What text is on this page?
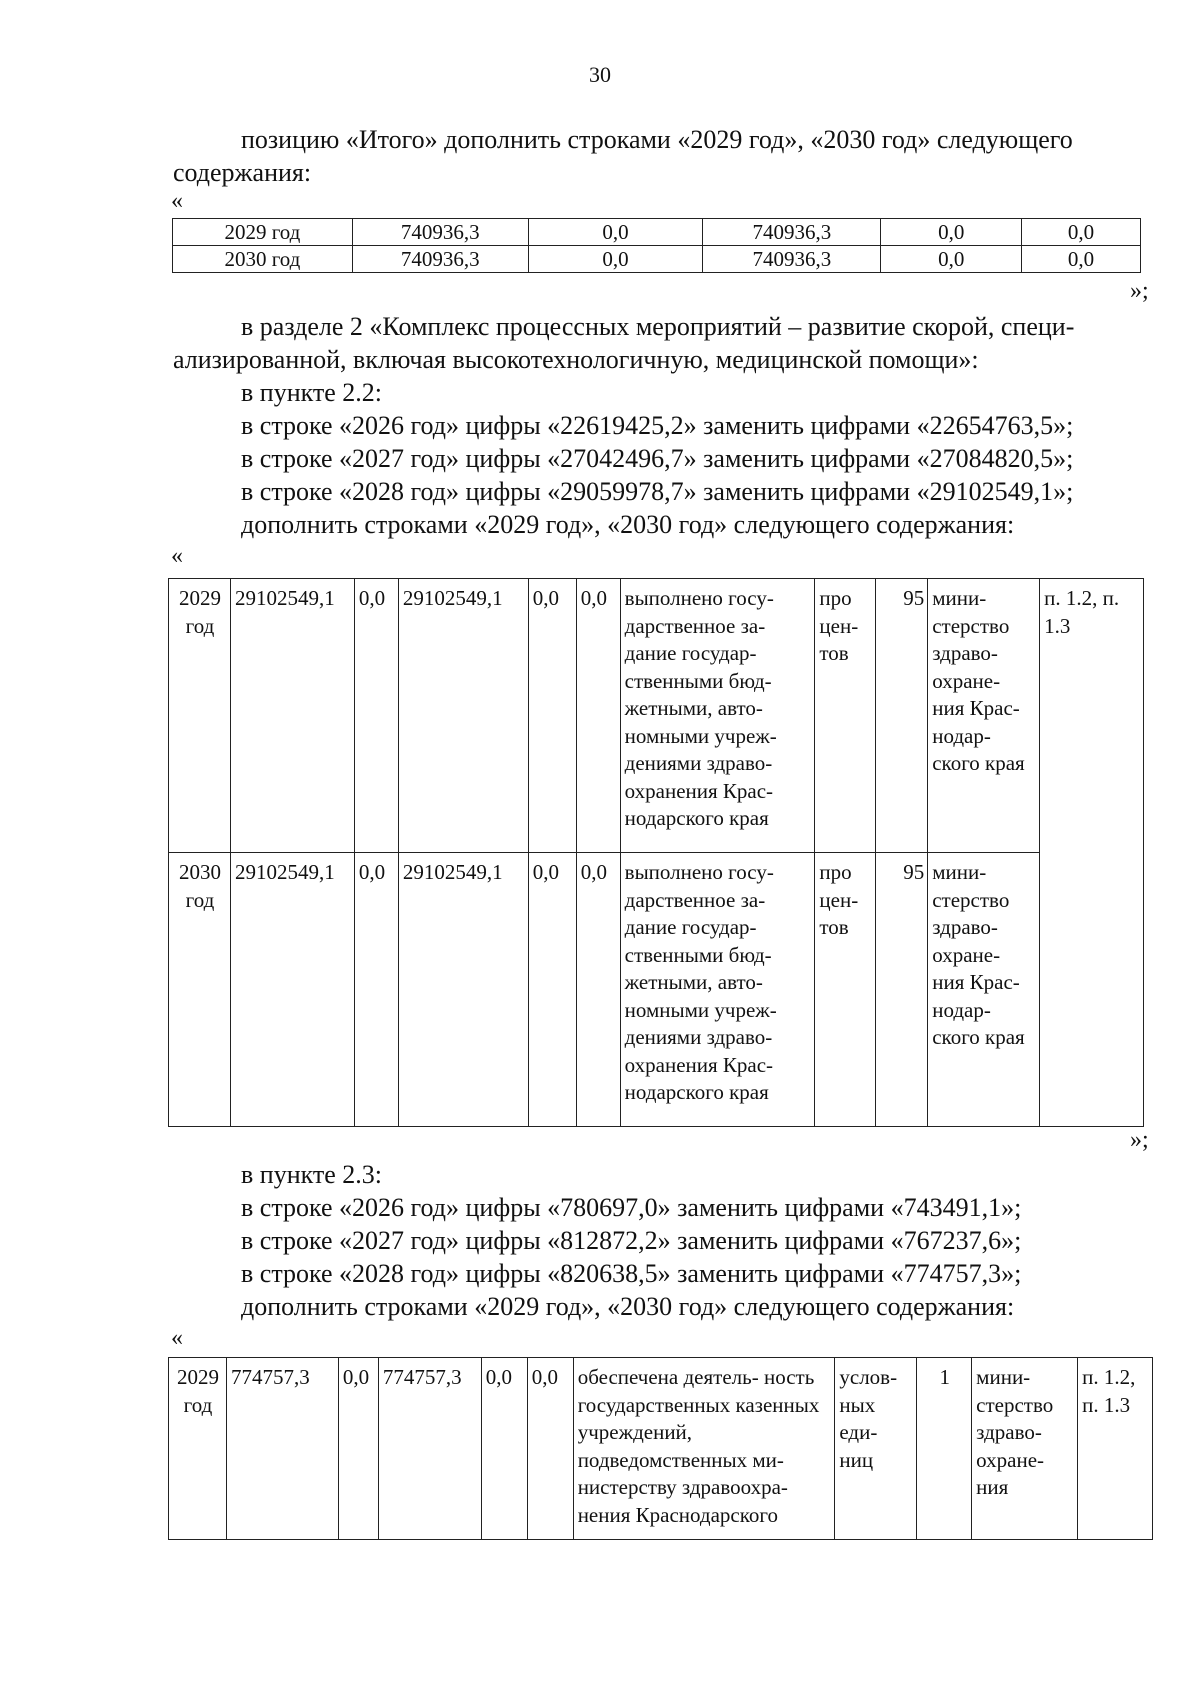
30
позицию «Итого» дополнить строками «2029 год», «2030 год» следующего
содержания:
«
2029 год	740936,3	0,0	740936,3	0,0	0,0
2030 год	740936,3	0,0	740936,3	0,0	0,0
»;
в разделе 2 «Комплекс процессных мероприятий – развитие скорой, специ-
ализированной, включая высокотехнологичную, медицинской помощи»:
в пункте 2.2:
в строке «2026 год» цифры «22619425,2» заменить цифрами «22654763,5»;
в строке «2027 год» цифры «27042496,7» заменить цифрами «27084820,5»;
в строке «2028 год» цифры «29059978,7» заменить цифрами «29102549,1»;
дополнить строками «2029 год», «2030 год» следующего содержания:
«
2029 год	29102549,1	0,0	29102549,1	0,0	0,0	выполнено госу- дарственное за- дание государ- ственными бюд- жетными, авто- номными учреж- дениями здраво- охранения Крас- нодарского края	про цен- тов	95	мини- стерство здраво- охране- ния Крас- нодар- ского края	п. 1.2, п. 1.3
2030 год	29102549,1	0,0	29102549,1	0,0	0,0	выполнено госу- дарственное за- дание государ- ственными бюд- жетными, авто- номными учреж- дениями здраво- охранения Крас- нодарского края	про цен- тов	95	мини- стерство здраво- охране- ния Крас- нодар- ского края	
»;
в пункте 2.3:
в строке «2026 год» цифры «780697,0» заменить цифрами «743491,1»;
в строке «2027 год» цифры «812872,2» заменить цифрами «767237,6»;
в строке «2028 год» цифры «820638,5» заменить цифрами «774757,3»;
дополнить строками «2029 год», «2030 год» следующего содержания:
«
2029 год	774757,3	0,0	774757,3	0,0	0,0	обеспечена деятель- ность государственных казенных учреждений, подведомственных ми- нистерству здравоохра- нения Краснодарского	услов- ных еди- ниц	1	мини- стерство здраво- охране- ния	п. 1.2, п. 1.3
